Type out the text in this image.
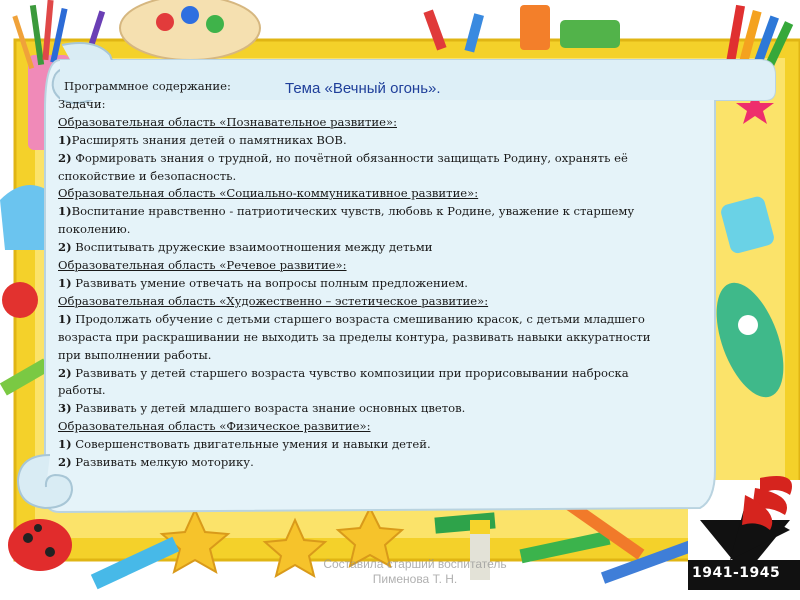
Тема «Вечный огонь».
Программное содержание:
Задачи:
Образовательная область «Познавательное развитие»:
1)Расширять знания детей о памятниках ВОВ.
2) Формировать знания о трудной, но почётной обязанности защищать Родину, охранять её
спокойствие и безопасность.
Образовательная область «Социально-коммуникативное развитие»:
1)Воспитание нравственно - патриотических чувств, любовь к Родине, уважение к старшему
поколению.
2) Воспитывать дружеские взаимоотношения между детьми
Образовательная область «Речевое развитие»:
1) Развивать умение отвечать на вопросы полным предложением.
Образовательная область «Художественно – эстетическое развитие»:
1) Продолжать обучение с детьми старшего возраста смешиванию красок, с детьми младшего
возраста при раскрашивании не выходить за пределы контура, развивать навыки аккуратности
при выполнении работы.
2) Развивать у детей старшего возраста чувство композиции при прорисовывании наброска
работы.
3) Развивать у детей младшего возраста знание основных цветов.
Образовательная область «Физическое развитие»:
1) Совершенствовать двигательные умения и навыки детей.
2) Развивать мелкую моторику.
Составила старший воспитатель
Пименова Т. Н.	1941-1945
